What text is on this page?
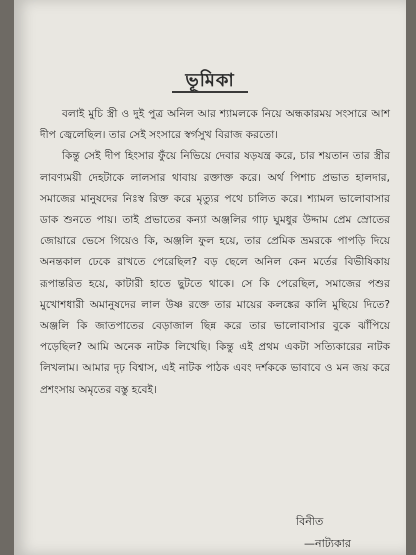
ভূমিকা

বলাই মুচি স্ত্রী ও দুই পুত্র অনিল আর শ্যামলকে নিয়ে অন্ধকারময় সংসারে আশ দীপ জ্বেলেছিল। তার সেই সংসারে স্বর্গসুখ বিরাজ করতো।

কিন্তু সেই দীপ হিংসার ফুঁয়ে নিভিয়ে দেবার ষড়যন্ত্র করে, চার শয়তান তার স্ত্রীর লাবণ্যময়ী দেহটাকে লালসার থাবায় রক্তাক্ত করে। অর্থ পিশাচ প্রভাত হালদার, সমাজের মানুষদের নিঃস্ব রিক্ত করে মৃত্যুর পথে চালিত করে। শ্যামল ভালোবাসার ডাক শুনতে পায়। তাই প্রভাতের কন্যা অঞ্জলির গাঢ় ঘুমধুর উদ্দাম প্রেম স্রোতের জোয়ারে ভেসে গিয়েও কি, অঞ্জলি ফুল হয়ে, তার প্রেমিক ভ্রমরকে পাপড়ি দিয়ে অনন্তকাল ঢেকে রাখতে পেরেছিল? বড় ছেলে অনিল কেন মর্তের বিভীষিকায় রূপান্তরিত হয়ে, কাটারী হাতে ছুটতে থাকে। সে কি পেরেছিল, সমাজের পশুর মুখোশধারী অমানুষদের লাল উষ্ণ রক্তে তার মায়ের কলঙ্কের কালি মুছিয়ে দিতে? অঞ্জলি কি জাতপাতের বেড়াজাল ছিন্ন করে তার ভালোবাসার বুকে ঝাঁপিয়ে পড়েছিল? আমি অনেক নাটক লিখেছি। কিন্তু এই প্রথম একটা সত্যিকারের নাটক লিখলাম। আমার দৃঢ় বিশ্বাস, এই নাটক পাঠক এবং দর্শককে ভাবাবে ও মন জয় করে প্রশংসায় অমৃতের বস্তু হবেই।

বিনীত
—নাট্যকার
